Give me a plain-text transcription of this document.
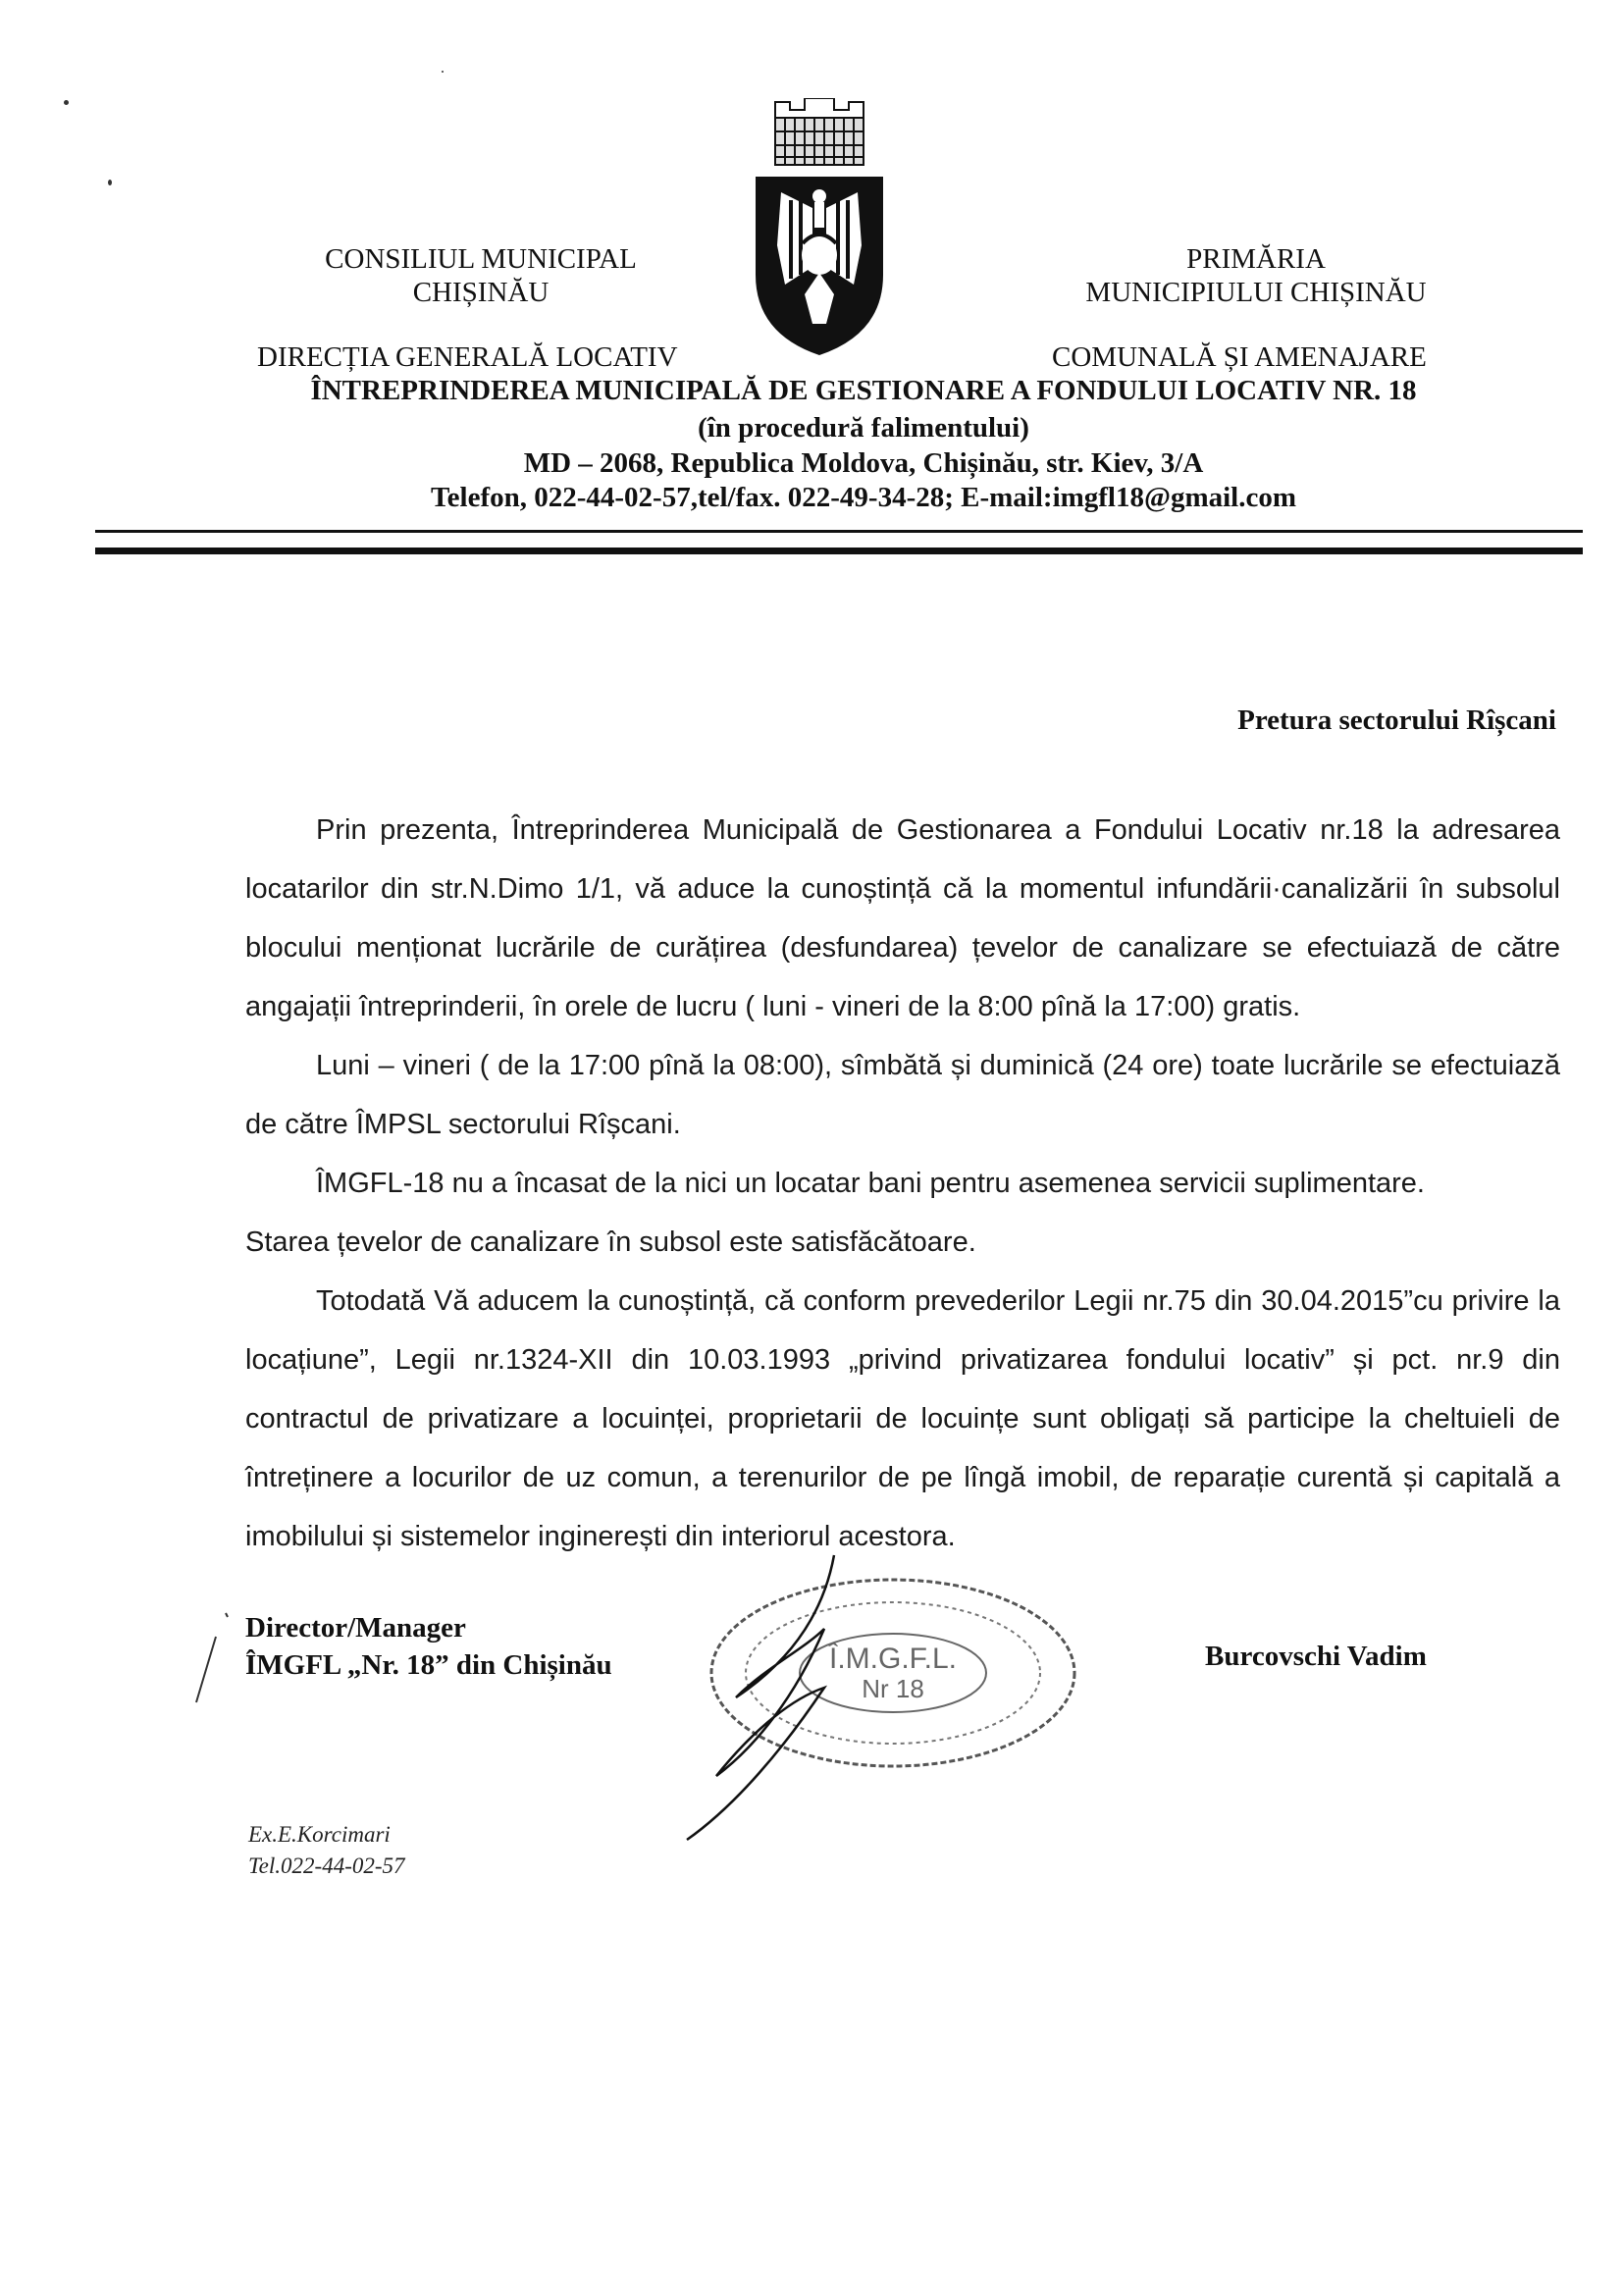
CONSILIUL MUNICIPAL
CHIȘINĂU
PRIMĂRIA
MUNICIPIULUI CHIȘINĂU
DIRECȚIA GENERALĂ LOCATIV	COMUNALĂ ȘI AMENAJARE
ÎNTREPRINDEREA MUNICIPALĂ DE GESTIONARE A FONDULUI LOCATIV NR. 18
(în procedură falimentului)
MD – 2068, Republica Moldova, Chișinău, str. Kiev, 3/A
Telefon, 022-44-02-57,tel/fax. 022-49-34-28; E-mail:imgfl18@gmail.com
Pretura sectorului Rîșcani

Prin prezenta, Întreprinderea Municipală de Gestionarea a Fondului Locativ nr.18 la adresarea locatarilor din str.N.Dimo 1/1, vă aduce la cunoștință că la momentul infundării·canalizării în subsolul blocului menționat lucrările de curățirea (desfundarea) țevelor de canalizare se efectuiază de către angajații întreprinderii, în orele de lucru ( luni - vineri de la 8:00 pînă la 17:00) gratis.

Luni – vineri ( de la 17:00 pînă la 08:00), sîmbătă și duminică (24 ore) toate lucrările se efectuiază de către ÎMPSL sectorului Rîșcani.

ÎMGFL-18 nu a încasat de la nici un locatar bani pentru asemenea servicii suplimentare.

Starea țevelor de canalizare în subsol este satisfăcătoare.

Totodată Vă aducem la cunoștință, că conform prevederilor Legii nr.75 din 30.04.2015”cu privire la locațiune”, Legii nr.1324-XII din 10.03.1993 „privind privatizarea fondului locativ” și pct. nr.9 din contractul de privatizare a locuinței, proprietarii de locuințe sunt obligați să participe la cheltuieli de întreținere a locurilor de uz comun, a terenurilor de pe lîngă imobil, de reparație curentă și capitală a imobilului și sistemelor inginerești din interiorul acestora.

Director/Manager
ÎMGFL „Nr. 18” din Chișinău	Burcovschi Vadim
Î.M.G.F.L.
Nr 18
Ex.E.Korcimari
Tel.022-44-02-57
